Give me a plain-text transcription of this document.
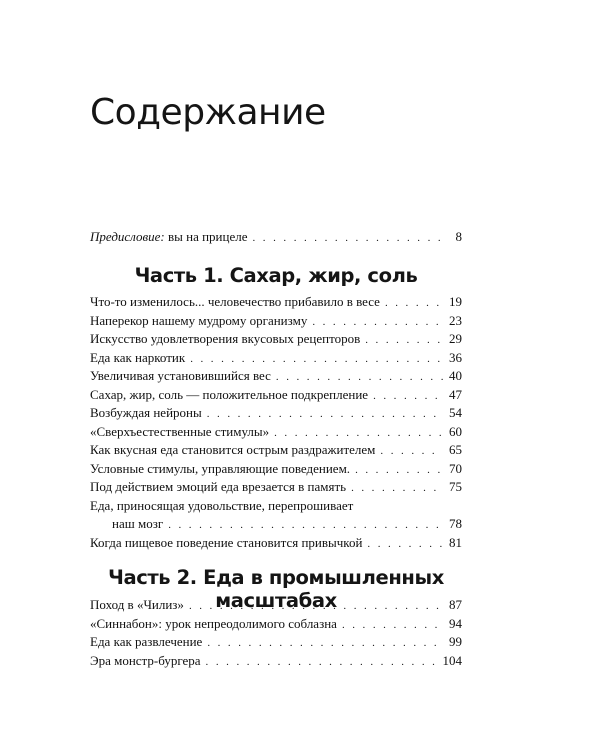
Содержание
Предисловие: вы на прицеле . . .	8
Часть 1. Сахар, жир, соль
Что-то изменилось... человечество прибавило в весе . . .	19
Наперекор нашему мудрому организму . . .	23
Искусство удовлетворения вкусовых рецепторов . . .	29
Еда как наркотик . . .	36
Увеличивая установившийся вес . . .	40
Сахар, жир, соль — положительное подкрепление . . .	47
Возбуждая нейроны . . .	54
«Сверхъестественные стимулы» . . .	60
Как вкусная еда становится острым раздражителем . . .	65
Условные стимулы, управляющие поведением. . . .	70
Под действием эмоций еда врезается в память . . .	75
Еда, приносящая удовольствие, перепрошивает
наш мозг . . .	78
Когда пищевое поведение становится привычкой . . .	81
Часть 2. Еда в промышленных масштабах
Поход в «Чилиз» . . .	87
«Синнабон»: урок непреодолимого соблазна . . .	94
Еда как развлечение . . .	99
Эра монстр-бургера . . .	104
